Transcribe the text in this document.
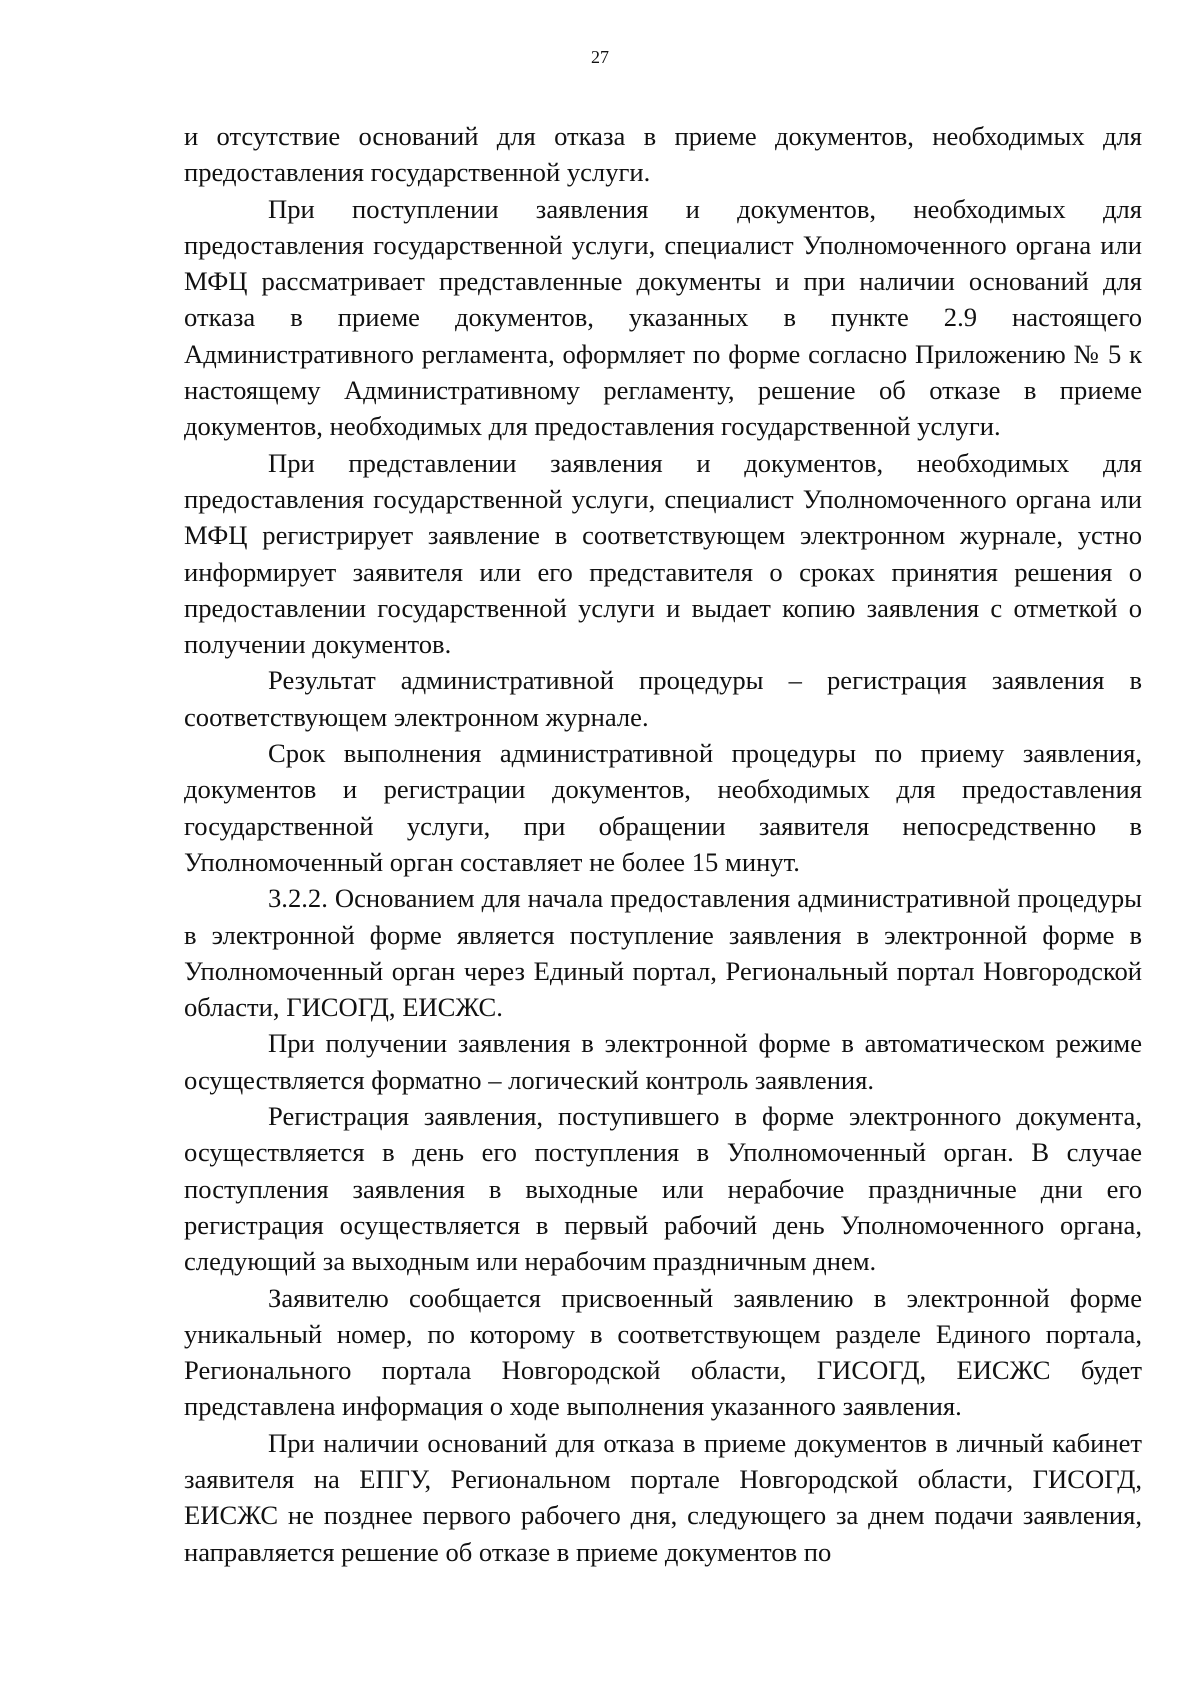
27

и отсутствие оснований для отказа в приеме документов, необходимых для предоставления государственной услуги.

При поступлении заявления и документов, необходимых для предоставления государственной услуги, специалист Уполномоченного органа или МФЦ рассматривает представленные документы и при наличии оснований для отказа в приеме документов, указанных в пункте 2.9 настоящего Административного регламента, оформляет по форме согласно Приложению № 5 к настоящему Административному регламенту, решение об отказе в приеме документов, необходимых для предоставления государственной услуги.

При представлении заявления и документов, необходимых для предоставления государственной услуги, специалист Уполномоченного органа или МФЦ регистрирует заявление в соответствующем электронном журнале, устно информирует заявителя или его представителя о сроках принятия решения о предоставлении государственной услуги и выдает копию заявления с отметкой о получении документов.

Результат административной процедуры – регистрация заявления в соответствующем электронном журнале.

Срок выполнения административной процедуры по приему заявления, документов и регистрации документов, необходимых для предоставления государственной услуги, при обращении заявителя непосредственно в Уполномоченный орган составляет не более 15 минут.

3.2.2. Основанием для начала предоставления административной процедуры в электронной форме является поступление заявления в электронной форме в Уполномоченный орган через Единый портал, Региональный портал Новгородской области, ГИСОГД, ЕИСЖС.

При получении заявления в электронной форме в автоматическом режиме осуществляется форматно – логический контроль заявления.

Регистрация заявления, поступившего в форме электронного документа, осуществляется в день его поступления в Уполномоченный орган. В случае поступления заявления в выходные или нерабочие праздничные дни его регистрация осуществляется в первый рабочий день Уполномоченного органа, следующий за выходным или нерабочим праздничным днем.

Заявителю сообщается присвоенный заявлению в электронной форме уникальный номер, по которому в соответствующем разделе Единого портала, Регионального портала Новгородской области, ГИСОГД, ЕИСЖС будет представлена информация о ходе выполнения указанного заявления.

При наличии оснований для отказа в приеме документов в личный кабинет заявителя на ЕПГУ, Региональном портале Новгородской области, ГИСОГД, ЕИСЖС не позднее первого рабочего дня, следующего за днем подачи заявления, направляется решение об отказе в приеме документов по
